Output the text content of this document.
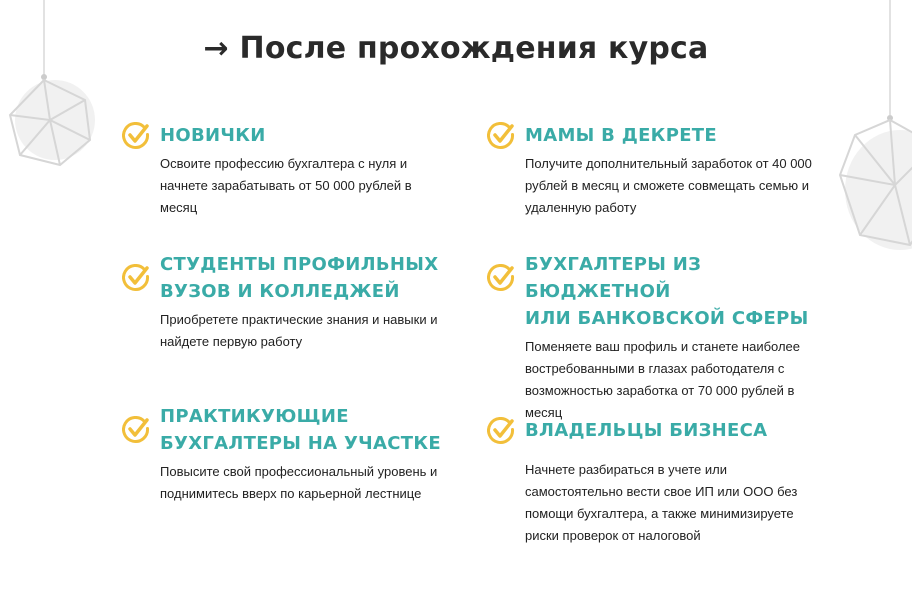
→ После прохождения курса
НОВИЧКИ

Освоите профессию бухгалтера с нуля и
начнете зарабатывать от 50 000 рублей в
месяц

МАМЫ В ДЕКРЕТЕ

Получите дополнительный заработок от 40 000
рублей в месяц и сможете совмещать семью и
удаленную работу

СТУДЕНТЫ ПРОФИЛЬНЫХ
ВУЗОВ И КОЛЛЕДЖЕЙ

Приобретете практические знания и навыки и
найдете первую работу

БУХГАЛТЕРЫ ИЗ БЮДЖЕТНОЙ
ИЛИ БАНКОВСКОЙ СФЕРЫ

Поменяете ваш профиль и станете наиболее
востребованными в глазах работодателя с
возможностью заработка от 70 000 рублей в
месяц

ПРАКТИКУЮЩИЕ
БУХГАЛТЕРЫ НА УЧАСТКЕ

Повысите свой профессиональный уровень и
поднимитесь вверх по карьерной лестнице

ВЛАДЕЛЬЦЫ БИЗНЕСА

Начнете разбираться в учете или
самостоятельно вести свое ИП или ООО без
помощи бухгалтера, а также минимизируете
риски проверок от налоговой
